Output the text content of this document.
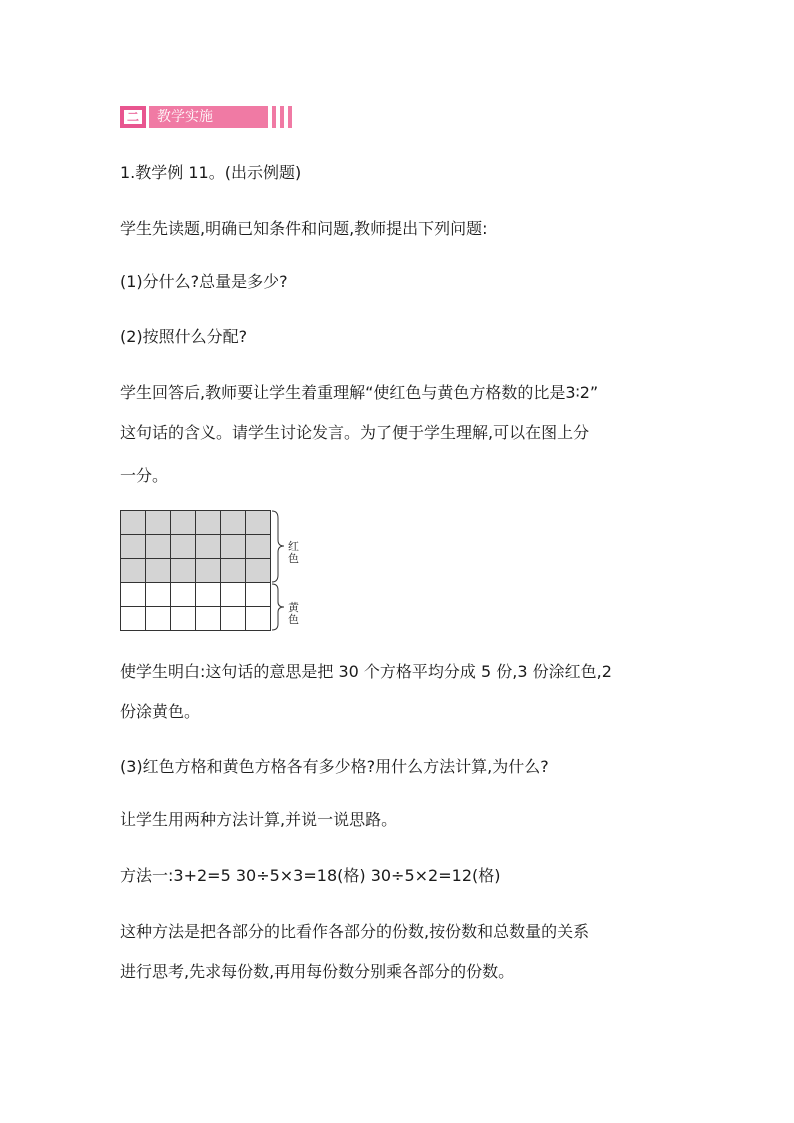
二	教学实施

1.教学例 11。(出示例题)

学生先读题,明确已知条件和问题,教师提出下列问题:

(1)分什么?总量是多少?

(2)按照什么分配?

学生回答后,教师要让学生着重理解“使红色与黄色方格数的比是3∶2”

这句话的含义。请学生讨论发言。为了便于学生理解,可以在图上分

一分。

红色
黄色

使学生明白:这句话的意思是把 30 个方格平均分成 5 份,3 份涂红色,2

份涂黄色。

(3)红色方格和黄色方格各有多少格?用什么方法计算,为什么?

让学生用两种方法计算,并说一说思路。

方法一:3+2=5 30÷5×3=18(格) 30÷5×2=12(格)

这种方法是把各部分的比看作各部分的份数,按份数和总数量的关系

进行思考,先求每份数,再用每份数分别乘各部分的份数。
